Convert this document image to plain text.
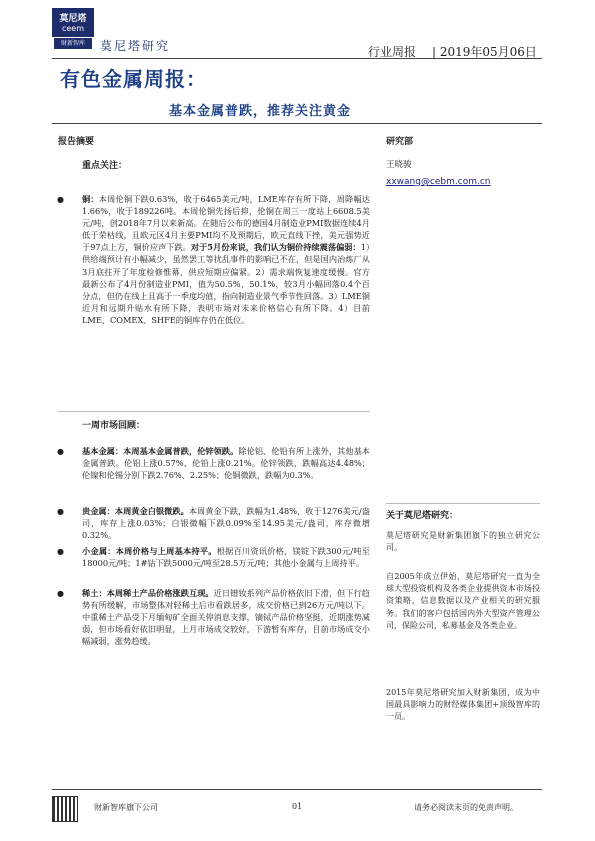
莫尼塔
ceem
财新智库	莫尼塔研究	行业周报 | 2019年05月06日
有色金属周报：
基本金属普跌，推荐关注黄金
报告摘要
重点关注：
● 铜：本周伦铜下跌0.63%，收于6465美元/吨，LME库存有所下降，周降幅达1.66%，收于189226吨。本周伦铜先扬后抑，伦铜在周三一度站上6608.5美元/吨，创2018年7月以来新高。在随后公布的德国4月制造业PMI数据连续4月低于荣枯线，且欧元区4月主要PMI均不及预期后，欧元直线下挫，美元强势近于97点上方，铜价应声下跌。对于5月份来说，我们认为铜价持续震荡偏弱：1）供给端预计有小幅减少，虽然罢工等扰乱事件的影响已不在，但是国内冶炼厂从3月底拄开了年度检修惟幕，供应短期应偏紧。2）需求端恢复速度缓慢。官方最新公布了4月份制造业PMI，值为50.5%，50.1%，较3月小幅回落0.4个百分点，但仍在线上且高于一季度均值，指向制造业景气季节性回落。3）LME铜近月和远期升贴水有所下降，表明市场对未来价格信心有所下降。4）目前LME、COMEX、SHFE的铜库存仍在低位。
一周市场回顾：
● 基本金属：本周基本金属普跌，伦锌领跌。除伦铝、伦铅有所上涨外，其他基本金属普跌。伦铝上涨0.57%、伦铅上涨0.21%。伦锌领跌，跌幅高达4.48%；伦镍和伦锡分别下跌2.76%、2.25%；伦铜微跌，跌幅为0.3%。
● 贵金属：本周黄金白银微跌。本周黄金下跌，跌幅为1.48%，收于1276美元/盎司，库存上涨0.03%；白银微幅下跌0.09%至14.95美元/盎司，库存微增0.32%。
● 小金属：本周价格与上周基本持平。根据百川资讯价格，镁锭下跌300元/吨至18000元/吨；1#钴下跌5000元/吨至28.5万元/吨；其他小金属与上周持平。
● 稀土：本周稀土产品价格涨跌互现。近日镨钕系列产品价格依旧下滑，但下行趋势有所缓解，市场整体对轻稀土后市看跌居多，成交价格已到26万元/吨以下。中重稀土产品受下月缅甸矿全面关停消息支撑，镝铽产品价格坚挺，近期涨势减弱，但市场看好依旧明显，上月市场成交较好，下游暂有库存，目前市场成交小幅减弱，涨势趋缓。
研究部
王晓骏
xxwang@cebm.com.cn
关于莫尼塔研究：
莫尼塔研究是财新集团旗下的独立研究公司。
自2005年成立伊始，莫尼塔研究一直为全球大型投资机构及各类企业提供资本市场投资策略，信息数据以及产业相关的研究服务。我们的客户包括国内外大型资产管理公司，保险公司，私募基金及各类企业。
2015年莫尼塔研究加入财新集团，成为中国最具影响力的财经媒体集团+顶级智库的一员。
财新智库旗下公司	01	请务必阅读末页的免责声明。
